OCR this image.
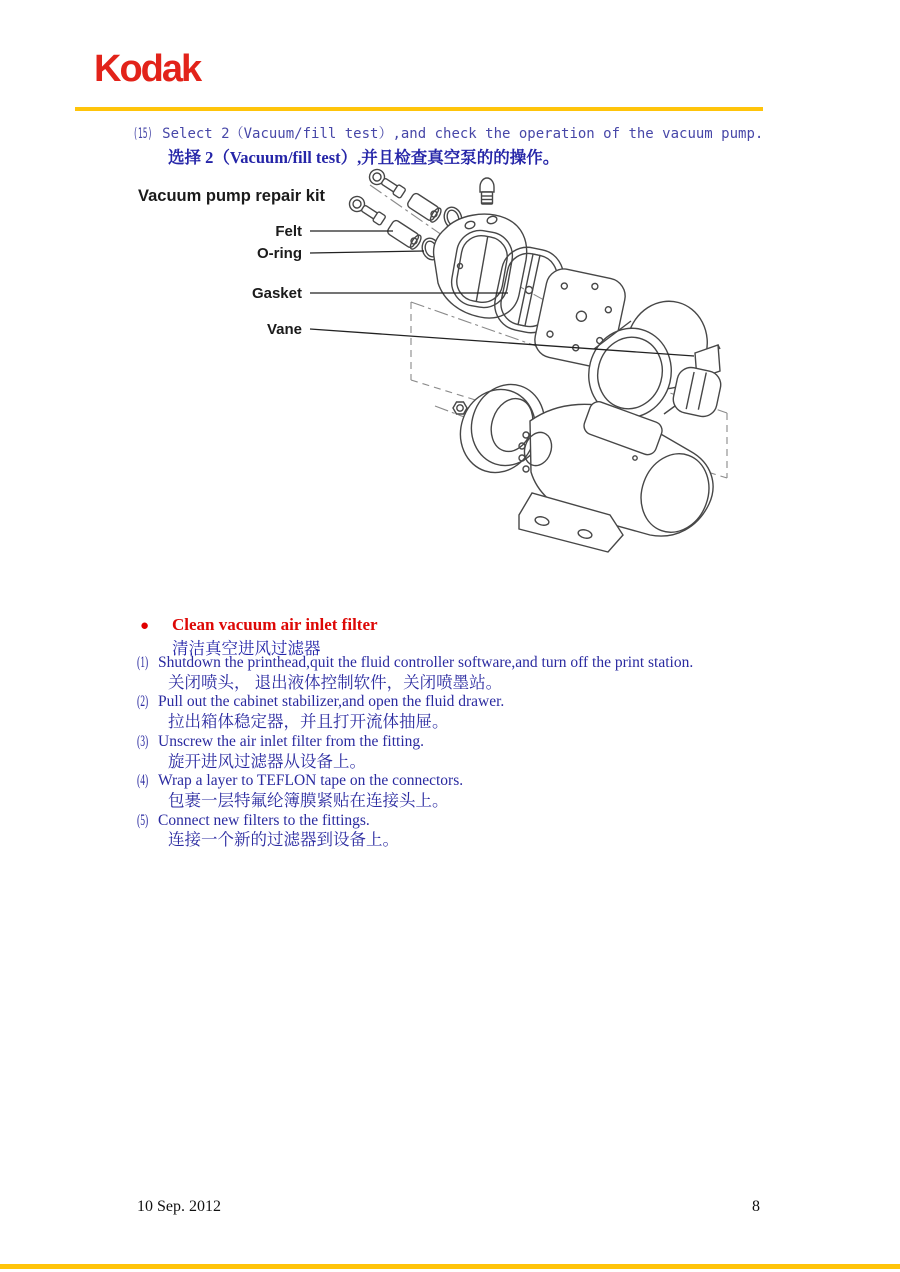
Kodak
(15) Select 2（Vacuum/fill test）,and check the operation of the vacuum pump.
选择 2（Vacuum/fill test）,并且检查真空泵的的操作。
Vacuum pump repair kit
Felt
O-ring
Gasket
Vane
● Clean vacuum air inlet filter
清洁真空进风过滤器
(1) Shutdown the printhead,quit the fluid controller software,and turn off the print station.
关闭喷头， 退出液体控制软件，关闭喷墨站。
(2) Pull out the cabinet stabilizer,and open the fluid drawer.
拉出箱体稳定器，并且打开流体抽屉。
(3) Unscrew the air inlet filter from the fitting.
旋开进风过滤器从设备上。
(4) Wrap a layer to TEFLON tape on the connectors.
包裹一层特氟纶簿膜紧贴在连接头上。
(5) Connect new filters to the fittings.
连接一个新的过滤器到设备上。
10 Sep. 2012	8
